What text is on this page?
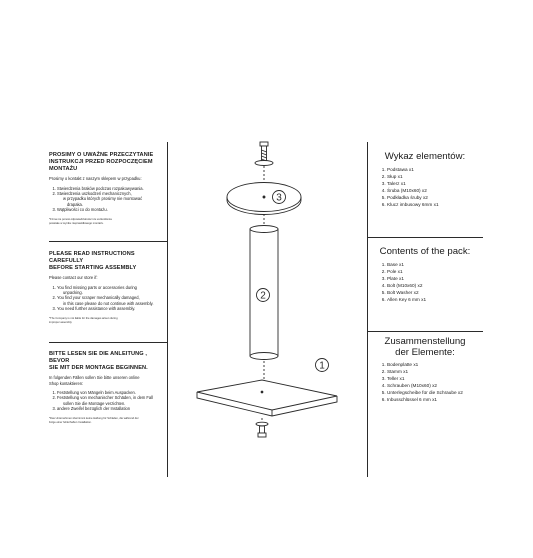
PROSIMY O UWAŻNE PRZECZYTANIE
INSTRUKCJI PRZED ROZPOCZĘCIEM
MONTAŻU
Prosimy o kontakt z naszym sklepem w przypadku:
1. Stwierdzenia braków podczas rozpakowywania.
2. Stwierdzenia uszkodzeń mechanicznych,
w przypadku których prosimy nie montować
drapaka.
3. Wątpliwości co do montażu.
*Firma nie ponosi odpowiedzialności za uszkodzenia
powstałe w wyniku nieprawidłowego montażu.
PLEASE READ INSTRUCTIONS CAREFULLY
BEFORE STARTING ASSEMBLY
Please contact our store if:
1. You find missing parts or accessories during
unpacking.
2. You find your scraper mechanically damaged,
in this case please do not continue with assembly.
3. You need further assistance with assembly.
*The Company is not liable for the damages arisen during
improper assembly.
BITTE LESEN SIE DIE ANLEITUNG , BEVOR
SIE MIT DER MONTAGE BEGINNEN.
In folgenden Fällen sollen Sie bitte unseren online
Shop kontaktieren:
1. Feststellung von Mängeln beim Auspacken.
2. Feststellung von mechanischer Schäden, in dem Fall
sollen Sie die Montage verzichten.
3. andere Zweifel bezüglich der Installation
*Das Unternehmen übernimmt keine Haftung für Schäden, die während der
Folge einer fehlerhaften Installation.
3
2
1
Wykaz elementów:
1. Podstawa x1
2. Słup x1
3. Talerz x1
4. Śruba (M10x60) x2
5. Podkładka śruby x2
6. Klucz imbusowy 6mm x1
Contents of the pack:
1. Base x1
2. Pole x1
3. Plate x1
4. Bolt (M10x60) x2
5. Bolt Washer x2
6. Allen Key 6 mm x1
Zusammenstellung
der Elemente:
1. Bodenplatte x1
2. Stamm x1
3. Teller x1
4. Schrauben (M10x60) x2
5. Unterlegscheibe für die Schraube x2
6. Inbusschlüssel 6 mm x1
